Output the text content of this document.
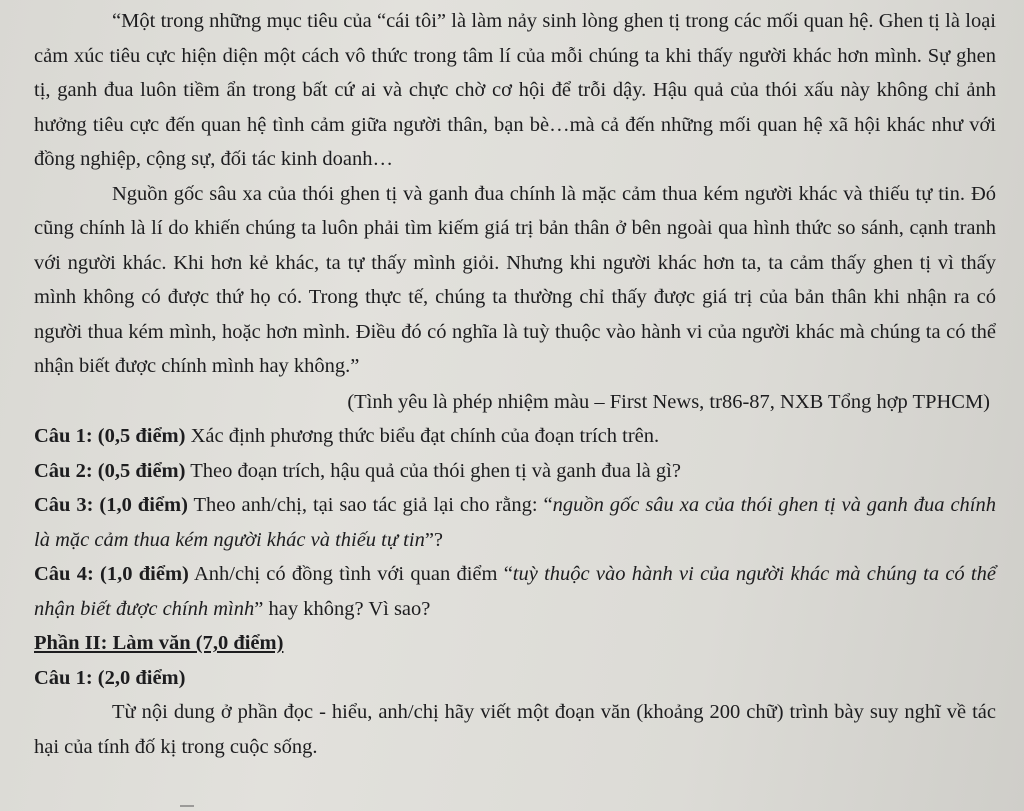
“Một trong những mục tiêu của “cái tôi” là làm nảy sinh lòng ghen tị trong các mối quan hệ. Ghen tị là loại cảm xúc tiêu cực hiện diện một cách vô thức trong tâm lí của mỗi chúng ta khi thấy người khác hơn mình. Sự ghen tị, ganh đua luôn tiềm ẩn trong bất cứ ai và chực chờ cơ hội để trỗi dậy. Hậu quả của thói xấu này không chỉ ảnh hưởng tiêu cực đến quan hệ tình cảm giữa người thân, bạn bè…mà cả đến những mối quan hệ xã hội khác như với đồng nghiệp, cộng sự, đối tác kinh doanh…

Nguồn gốc sâu xa của thói ghen tị và ganh đua chính là mặc cảm thua kém người khác và thiếu tự tin. Đó cũng chính là lí do khiến chúng ta luôn phải tìm kiếm giá trị bản thân ở bên ngoài qua hình thức so sánh, cạnh tranh với người khác. Khi hơn kẻ khác, ta tự thấy mình giỏi. Nhưng khi người khác hơn ta, ta cảm thấy ghen tị vì thấy mình không có được thứ họ có. Trong thực tế, chúng ta thường chỉ thấy được giá trị của bản thân khi nhận ra có người thua kém mình, hoặc hơn mình. Điều đó có nghĩa là tuỳ thuộc vào hành vi của người khác mà chúng ta có thể nhận biết được chính mình hay không.”

(Tình yêu là phép nhiệm màu – First News, tr86-87, NXB Tổng hợp TPHCM)

Câu 1: (0,5 điểm) Xác định phương thức biểu đạt chính của đoạn trích trên.

Câu 2: (0,5 điểm) Theo đoạn trích, hậu quả của thói ghen tị và ganh đua là gì?

Câu 3: (1,0 điểm) Theo anh/chị, tại sao tác giả lại cho rằng: “nguồn gốc sâu xa của thói ghen tị và ganh đua chính là mặc cảm thua kém người khác và thiếu tự tin”?

Câu 4: (1,0 điểm) Anh/chị có đồng tình với quan điểm “tuỳ thuộc vào hành vi của người khác mà chúng ta có thể nhận biết được chính mình” hay không? Vì sao?

Phần II: Làm văn (7,0 điểm)

Câu 1: (2,0 điểm)

Từ nội dung ở phần đọc - hiểu, anh/chị hãy viết một đoạn văn (khoảng 200 chữ) trình bày suy nghĩ về tác hại của tính đố kị trong cuộc sống.
